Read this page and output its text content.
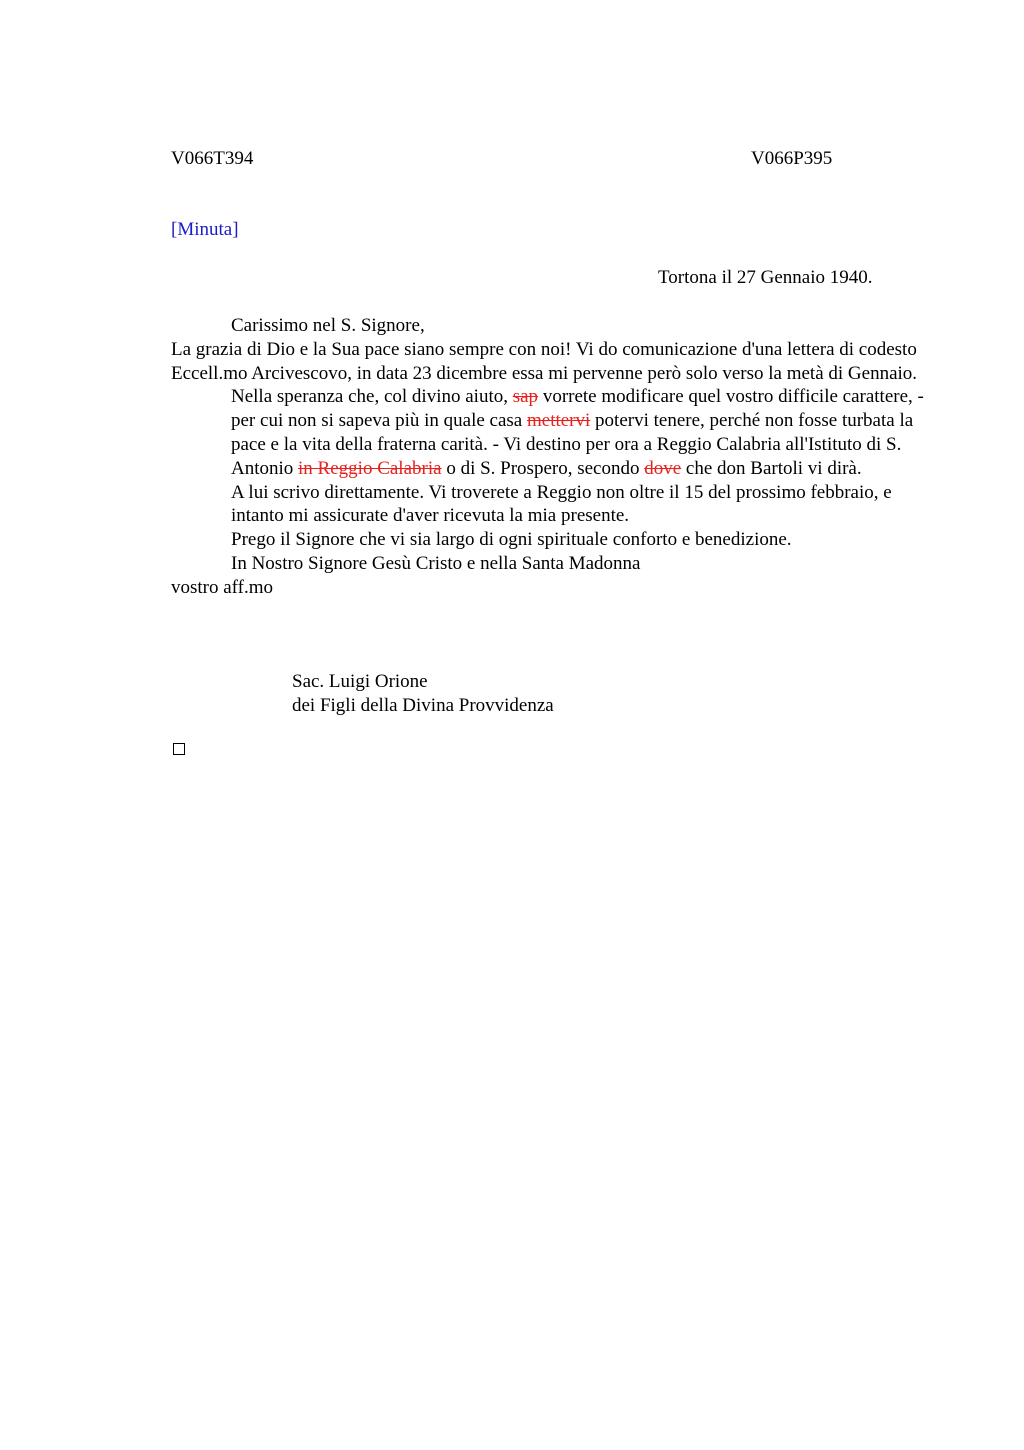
V066T394	V066P395
[Minuta]
Tortona il 27 Gennaio 1940.

Carissimo nel S. Signore,

La grazia di Dio e la Sua pace siano sempre con noi! Vi do comunicazione d'una lettera di codesto Eccell.mo Arcivescovo, in data 23 dicembre essa mi pervenne però solo verso la metà di Gennaio.

Nella speranza che, col divino aiuto, sap vorrete modificare quel vostro difficile carattere, - per cui non si sapeva più in quale casa mettervi potervi tenere, perché non fosse turbata la pace e la vita della fraterna carità. - Vi destino per ora a Reggio Calabria all'Istituto di S. Antonio in Reggio Calabria o di S. Prospero, secondo dove che don Bartoli vi dirà.

A lui scrivo direttamente. Vi troverete a Reggio non oltre il 15 del prossimo febbraio, e intanto mi assicurate d'aver ricevuta la mia presente.

Prego il Signore che vi sia largo di ogni spirituale conforto e benedizione.

In Nostro Signore Gesù Cristo e nella Santa Madonna

vostro aff.mo

Sac. Luigi Orione
dei Figli della Divina Provvidenza
